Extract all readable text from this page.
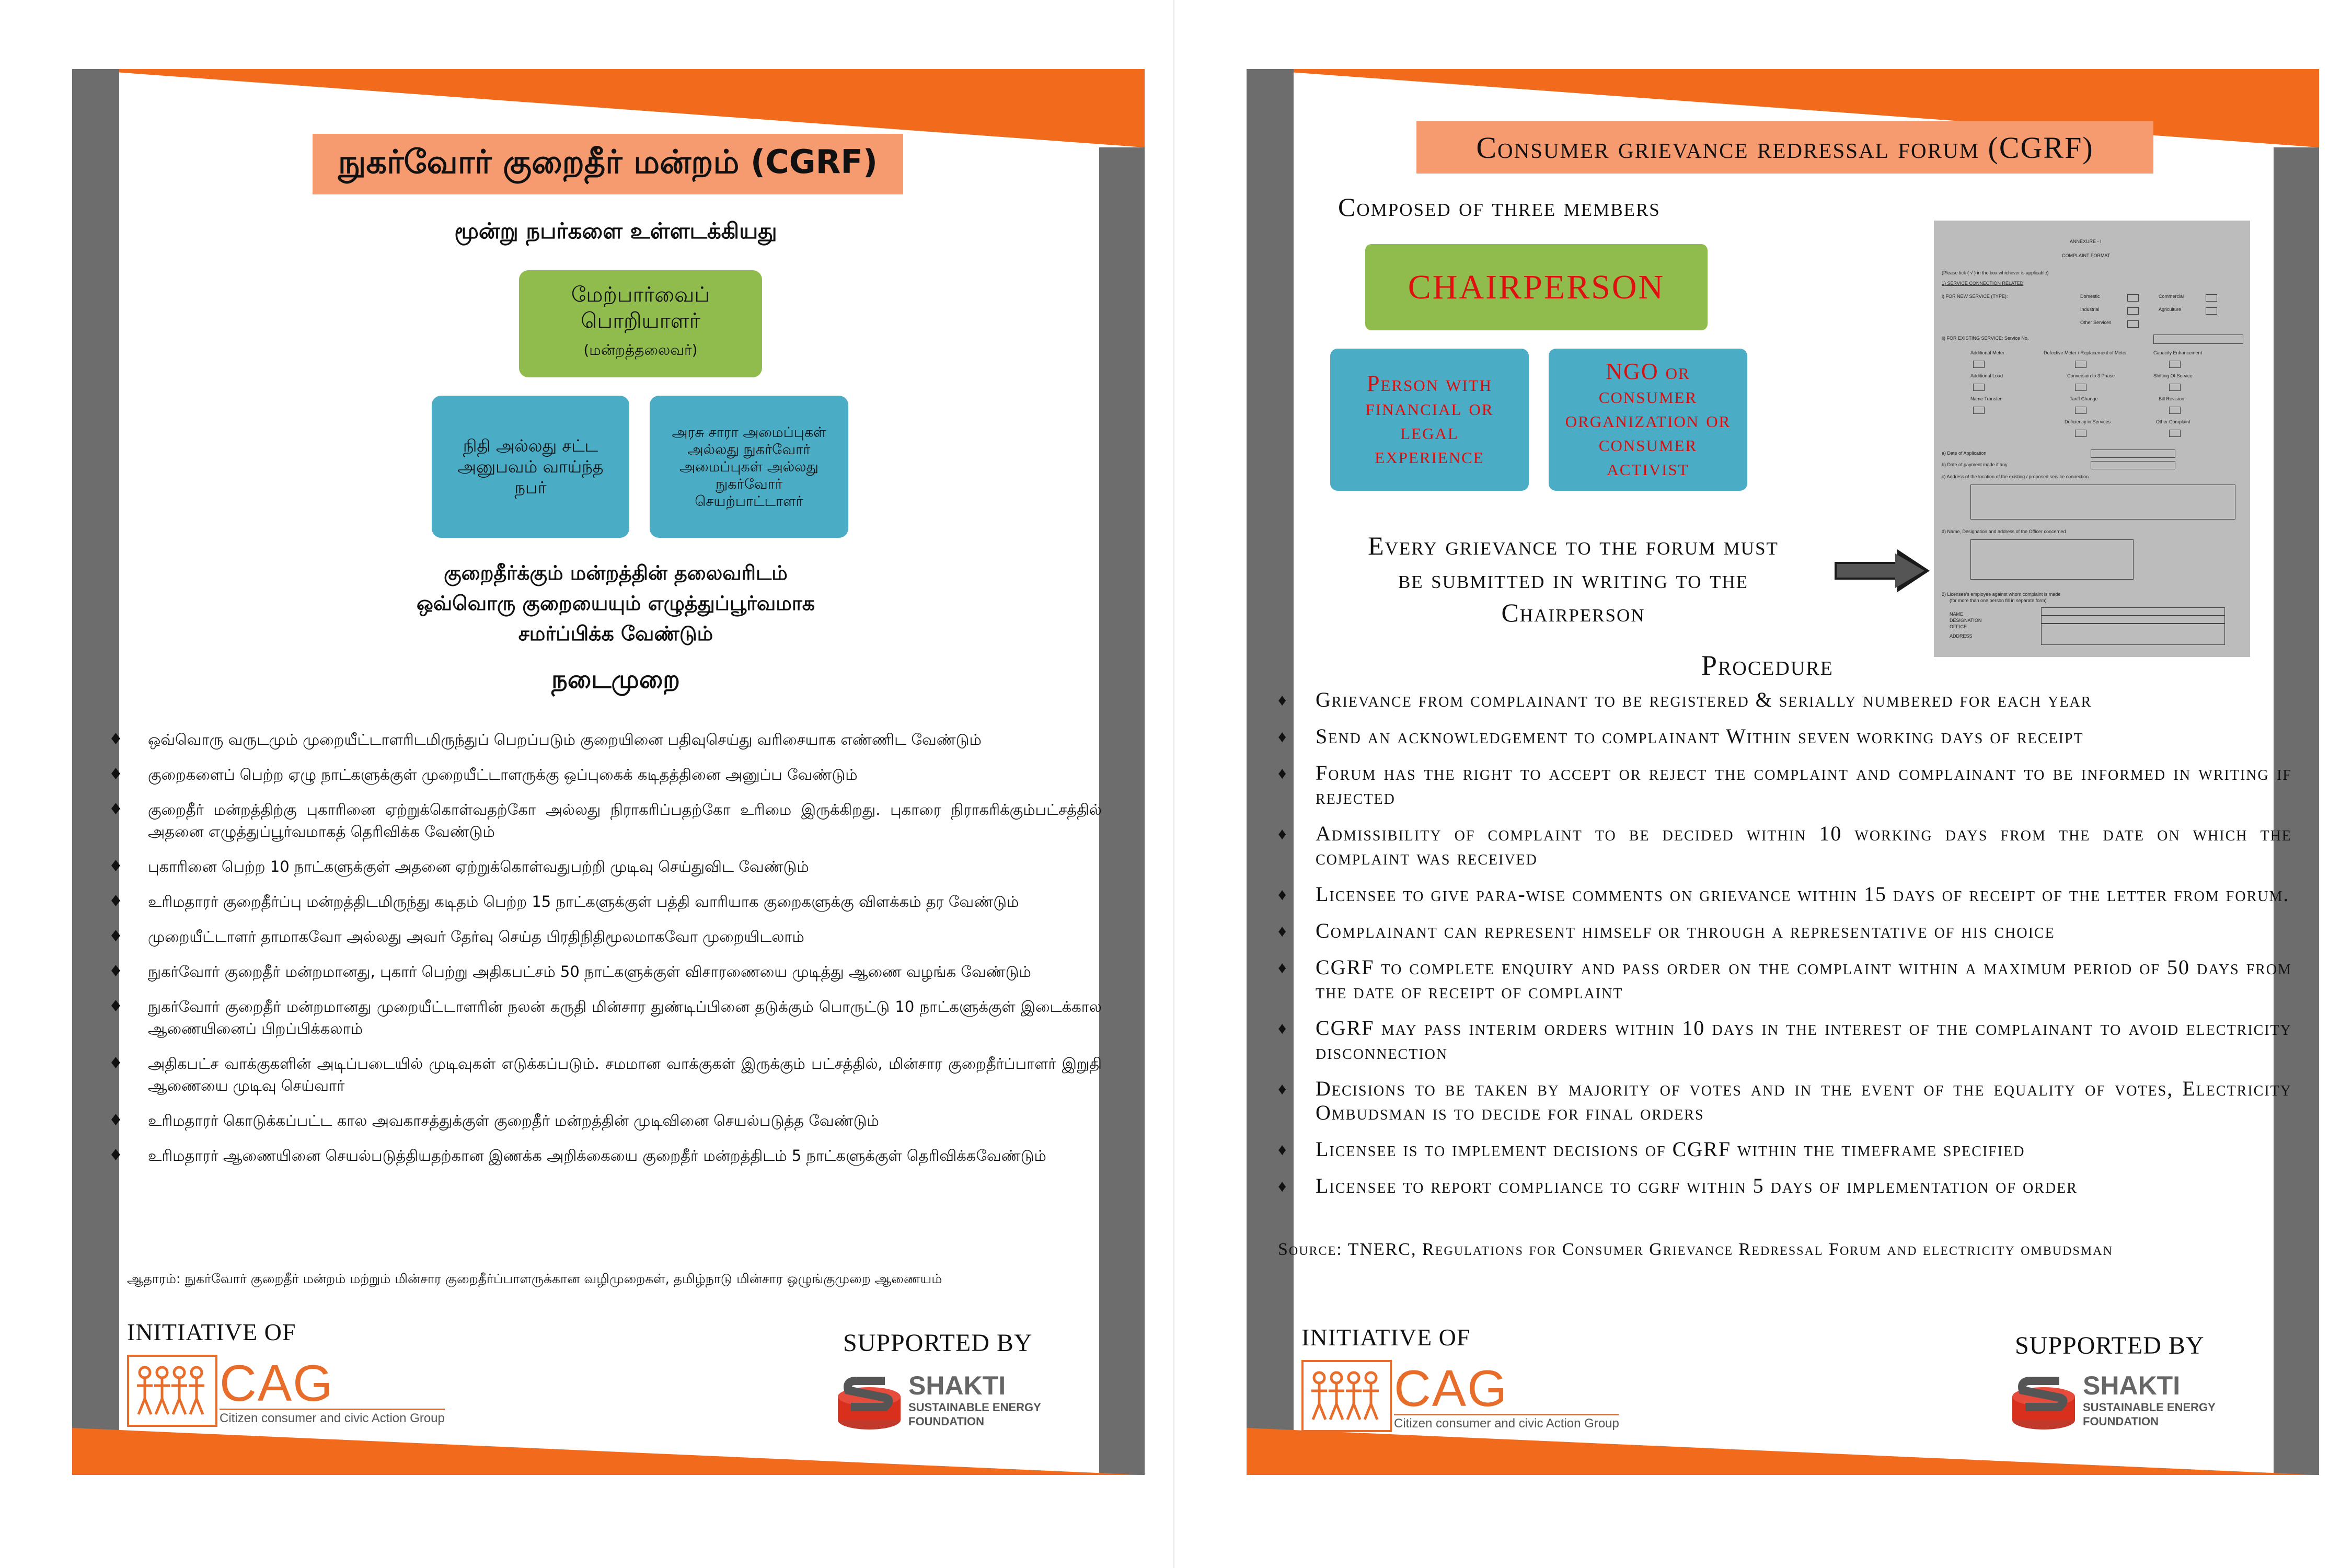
நுகர்வோர் குறைதீர் மன்றம் (CGRF)
மூன்று நபர்களை உள்ளடக்கியது
மேற்பார்வைப்
பொறியாளர்
(மன்றத்தலைவர்)
நிதி அல்லது சட்ட அனுபவம் வாய்ந்த நபர்
அரசு சாரா அமைப்புகள் அல்லது நுகர்வோர் அமைப்புகள் அல்லது நுகர்வோர் செயற்பாட்டாளர்
குறைதீர்க்கும் மன்றத்தின் தலைவரிடம்
ஒவ்வொரு குறையையும் எழுத்துப்பூர்வமாக
சமர்ப்பிக்க வேண்டும்
நடைமுறை
♦ ஒவ்வொரு வருடமும் முறையீட்டாளரிடமிருந்துப் பெறப்படும் குறையினை பதிவுசெய்து வரிசையாக எண்ணிட வேண்டும்
♦ குறைகளைப் பெற்ற ஏழு நாட்களுக்குள் முறையீட்டாளருக்கு ஒப்புகைக் கடிதத்தினை அனுப்ப வேண்டும்
♦ குறைதீர் மன்றத்திற்கு புகாரினை ஏற்றுக்கொள்வதற்கோ அல்லது நிராகரிப்பதற்கோ உரிமை இருக்கிறது. புகாரை நிராகரிக்கும்பட்சத்தில் அதனை எழுத்துப்பூர்வமாகத் தெரிவிக்க வேண்டும்
♦ புகாரினை பெற்ற 10 நாட்களுக்குள் அதனை ஏற்றுக்கொள்வதுபற்றி முடிவு செய்துவிட வேண்டும்
♦ உரிமதாரர் குறைதீர்ப்பு மன்றத்திடமிருந்து கடிதம் பெற்ற 15 நாட்களுக்குள் பத்தி வாரியாக குறைகளுக்கு விளக்கம் தர வேண்டும்
♦ முறையீட்டாளர் தாமாகவோ அல்லது அவர் தேர்வு செய்த பிரதிநிதிமூலமாகவோ முறையிடலாம்
♦ நுகர்வோர் குறைதீர் மன்றமானது, புகார் பெற்று அதிகபட்சம் 50 நாட்களுக்குள் விசாரணையை முடித்து ஆணை வழங்க வேண்டும்
♦ நுகர்வோர் குறைதீர் மன்றமானது முறையீட்டாளரின் நலன் கருதி மின்சார துண்டிப்பினை தடுக்கும் பொருட்டு 10 நாட்களுக்குள் இடைக்கால ஆணையினைப் பிறப்பிக்கலாம்
♦ அதிகபட்ச வாக்குகளின் அடிப்படையில் முடிவுகள் எடுக்கப்படும். சமமான வாக்குகள் இருக்கும் பட்சத்தில், மின்சார குறைதீர்ப்பாளர் இறுதி ஆணையை முடிவு செய்வார்
♦ உரிமதாரர் கொடுக்கப்பட்ட கால அவகாசத்துக்குள் குறைதீர் மன்றத்தின் முடிவினை செயல்படுத்த வேண்டும்
♦ உரிமதாரர் ஆணையினை செயல்படுத்தியதற்கான இணக்க அறிக்கையை குறைதீர் மன்றத்திடம் 5 நாட்களுக்குள் தெரிவிக்கவேண்டும்
ஆதாரம்: நுகர்வோர் குறைதீர் மன்றம் மற்றும் மின்சார குறைதீர்ப்பாளருக்கான வழிமுறைகள், தமிழ்நாடு மின்சார ஒழுங்குமுறை ஆணையம்
INITIATIVE OF
CAG
Citizen consumer and civic Action Group
SUPPORTED BY
SHAKTI
SUSTAINABLE ENERGY
FOUNDATION
Consumer grievance redressal forum (CGRF)
Composed of three members
CHAIRPERSON
Person with financial or legal experience
NGO or consumer organization or consumer activist
Every grievance to the forum must
be submitted in writing to the
Chairperson
ANNEXURE - I
COMPLAINT FORMAT
(Please tick ( √ ) in the box whichever is applicable)
1) SERVICE CONNECTION RELATED
i) FOR NEW SERVICE (TYPE):	Domestic	Commercial
Industrial	Agriculture
Other Services
ii) FOR EXISTING SERVICE: Service No.
Additional Meter	Defective Meter / Replacement of Meter	Capacity Enhancement
Additional Load	Conversion to 3 Phase	Shifting Of Service
Name Transfer	Tariff Change	Bill Revision
Deficiency in Services	Other Complaint
a) Date of Application
b) Date of payment made if any
c) Address of the location of the existing / proposed service connection
d) Name, Designation and address of the Officer concerned
2) Licensee's employee against whom complaint is made
(for more than one person fill in separate form)
NAME
DESIGNATION
OFFICE
ADDRESS
Procedure
♦ Grievance from complainant to be registered & serially numbered for each year
♦ Send an acknowledgement to complainant Within seven working days of receipt
♦ Forum has the right to accept or reject the complaint and complainant to be informed in writing if rejected
♦ Admissibility of complaint to be decided within 10 working days from the date on which the complaint was received
♦ Licensee to give para-wise comments on grievance within 15 days of receipt of the letter from forum.
♦ Complainant can represent himself or through a representative of his choice
♦ CGRF to complete enquiry and pass order on the complaint within a maximum period of 50 days from the date of receipt of complaint
♦ CGRF may pass interim orders within 10 days in the interest of the complainant to avoid electricity disconnection
♦ Decisions to be taken by majority of votes and in the event of the equality of votes, Electricity Ombudsman is to decide for final orders
♦ Licensee is to implement decisions of CGRF within the timeframe specified
♦ Licensee to report compliance to cgrf within 5 days of implementation of order
Source: TNERC, Regulations for Consumer Grievance Redressal Forum and electricity ombudsman
INITIATIVE OF
CAG
Citizen consumer and civic Action Group
SUPPORTED BY
SHAKTI
SUSTAINABLE ENERGY
FOUNDATION
